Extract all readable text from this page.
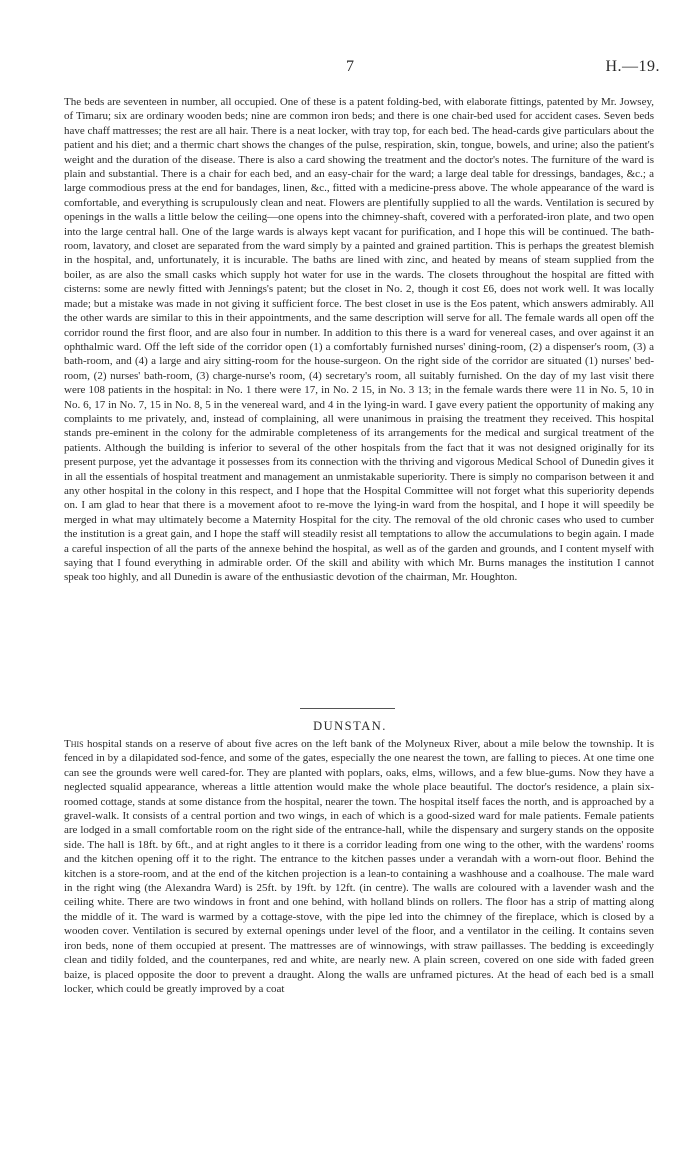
7	H.—19.

The beds are seventeen in number, all occupied. One of these is a patent folding-bed, with elaborate fittings, patented by Mr. Jowsey, of Timaru; six are ordinary wooden beds; nine are common iron beds; and there is one chair-bed used for accident cases. Seven beds have chaff mattresses; the rest are all hair. There is a neat locker, with tray top, for each bed. The head-cards give particulars about the patient and his diet; and a thermic chart shows the changes of the pulse, respiration, skin, tongue, bowels, and urine; also the patient's weight and the duration of the disease. There is also a card showing the treatment and the doctor's notes. The furniture of the ward is plain and substantial. There is a chair for each bed, and an easy-chair for the ward; a large deal table for dressings, bandages, &c.; a large commodious press at the end for bandages, linen, &c., fitted with a medicine-press above. The whole appearance of the ward is comfortable, and everything is scrupulously clean and neat. Flowers are plentifully supplied to all the wards. Ventilation is secured by openings in the walls a little below the ceiling—one opens into the chimney-shaft, covered with a perforated-iron plate, and two open into the large central hall. One of the large wards is always kept vacant for purification, and I hope this will be continued. The bath-room, lavatory, and closet are separated from the ward simply by a painted and grained partition. This is perhaps the greatest blemish in the hospital, and, unfortunately, it is incurable. The baths are lined with zinc, and heated by means of steam supplied from the boiler, as are also the small casks which supply hot water for use in the wards. The closets throughout the hospital are fitted with cisterns: some are newly fitted with Jennings's patent; but the closet in No. 2, though it cost £6, does not work well. It was locally made; but a mistake was made in not giving it sufficient force. The best closet in use is the Eos patent, which answers admirably. All the other wards are similar to this in their appointments, and the same description will serve for all. The female wards all open off the corridor round the first floor, and are also four in number. In addition to this there is a ward for venereal cases, and over against it an ophthalmic ward. Off the left side of the corridor open (1) a comfortably furnished nurses' dining-room, (2) a dispenser's room, (3) a bath-room, and (4) a large and airy sitting-room for the house-surgeon. On the right side of the corridor are situated (1) nurses' bed-room, (2) nurses' bath-room, (3) charge-nurse's room, (4) secretary's room, all suitably furnished. On the day of my last visit there were 108 patients in the hospital: in No. 1 there were 17, in No. 2 15, in No. 3 13; in the female wards there were 11 in No. 5, 10 in No. 6, 17 in No. 7, 15 in No. 8, 5 in the venereal ward, and 4 in the lying-in ward. I gave every patient the opportunity of making any complaints to me privately, and, instead of complaining, all were unanimous in praising the treatment they received. This hospital stands pre-eminent in the colony for the admirable completeness of its arrangements for the medical and surgical treatment of the patients. Although the building is inferior to several of the other hospitals from the fact that it was not designed originally for its present purpose, yet the advantage it possesses from its connection with the thriving and vigorous Medical School of Dunedin gives it in all the essentials of hospital treatment and management an unmistakable superiority. There is simply no comparison between it and any other hospital in the colony in this respect, and I hope that the Hospital Committee will not forget what this superiority depends on. I am glad to hear that there is a movement afoot to re-move the lying-in ward from the hospital, and I hope it will speedily be merged in what may ultimately become a Maternity Hospital for the city. The removal of the old chronic cases who used to cumber the institution is a great gain, and I hope the staff will steadily resist all temptations to allow the accumulations to begin again. I made a careful inspection of all the parts of the annexe behind the hospital, as well as of the garden and grounds, and I content myself with saying that I found everything in admirable order. Of the skill and ability with which Mr. Burns manages the institution I cannot speak too highly, and all Dunedin is aware of the enthusiastic devotion of the chairman, Mr. Houghton.

DUNSTAN.

This hospital stands on a reserve of about five acres on the left bank of the Molyneux River, about a mile below the township. It is fenced in by a dilapidated sod-fence, and some of the gates, especially the one nearest the town, are falling to pieces. At one time one can see the grounds were well cared-for. They are planted with poplars, oaks, elms, willows, and a few blue-gums. Now they have a neglected squalid appearance, whereas a little attention would make the whole place beautiful. The doctor's residence, a plain six-roomed cottage, stands at some distance from the hospital, nearer the town. The hospital itself faces the north, and is approached by a gravel-walk. It consists of a central portion and two wings, in each of which is a good-sized ward for male patients. Female patients are lodged in a small comfortable room on the right side of the entrance-hall, while the dispensary and surgery stands on the opposite side. The hall is 18ft. by 6ft., and at right angles to it there is a corridor leading from one wing to the other, with the wardens' rooms and the kitchen opening off it to the right. The entrance to the kitchen passes under a verandah with a worn-out floor. Behind the kitchen is a store-room, and at the end of the kitchen projection is a lean-to containing a washhouse and a coalhouse. The male ward in the right wing (the Alexandra Ward) is 25ft. by 19ft. by 12ft. (in centre). The walls are coloured with a lavender wash and the ceiling white. There are two windows in front and one behind, with holland blinds on rollers. The floor has a strip of matting along the middle of it. The ward is warmed by a cottage-stove, with the pipe led into the chimney of the fireplace, which is closed by a wooden cover. Ventilation is secured by external openings under level of the floor, and a ventilator in the ceiling. It contains seven iron beds, none of them occupied at present. The mattresses are of winnowings, with straw paillasses. The bedding is exceedingly clean and tidily folded, and the counterpanes, red and white, are nearly new. A plain screen, covered on one side with faded green baize, is placed opposite the door to prevent a draught. Along the walls are unframed pictures. At the head of each bed is a small locker, which could be greatly improved by a coat
